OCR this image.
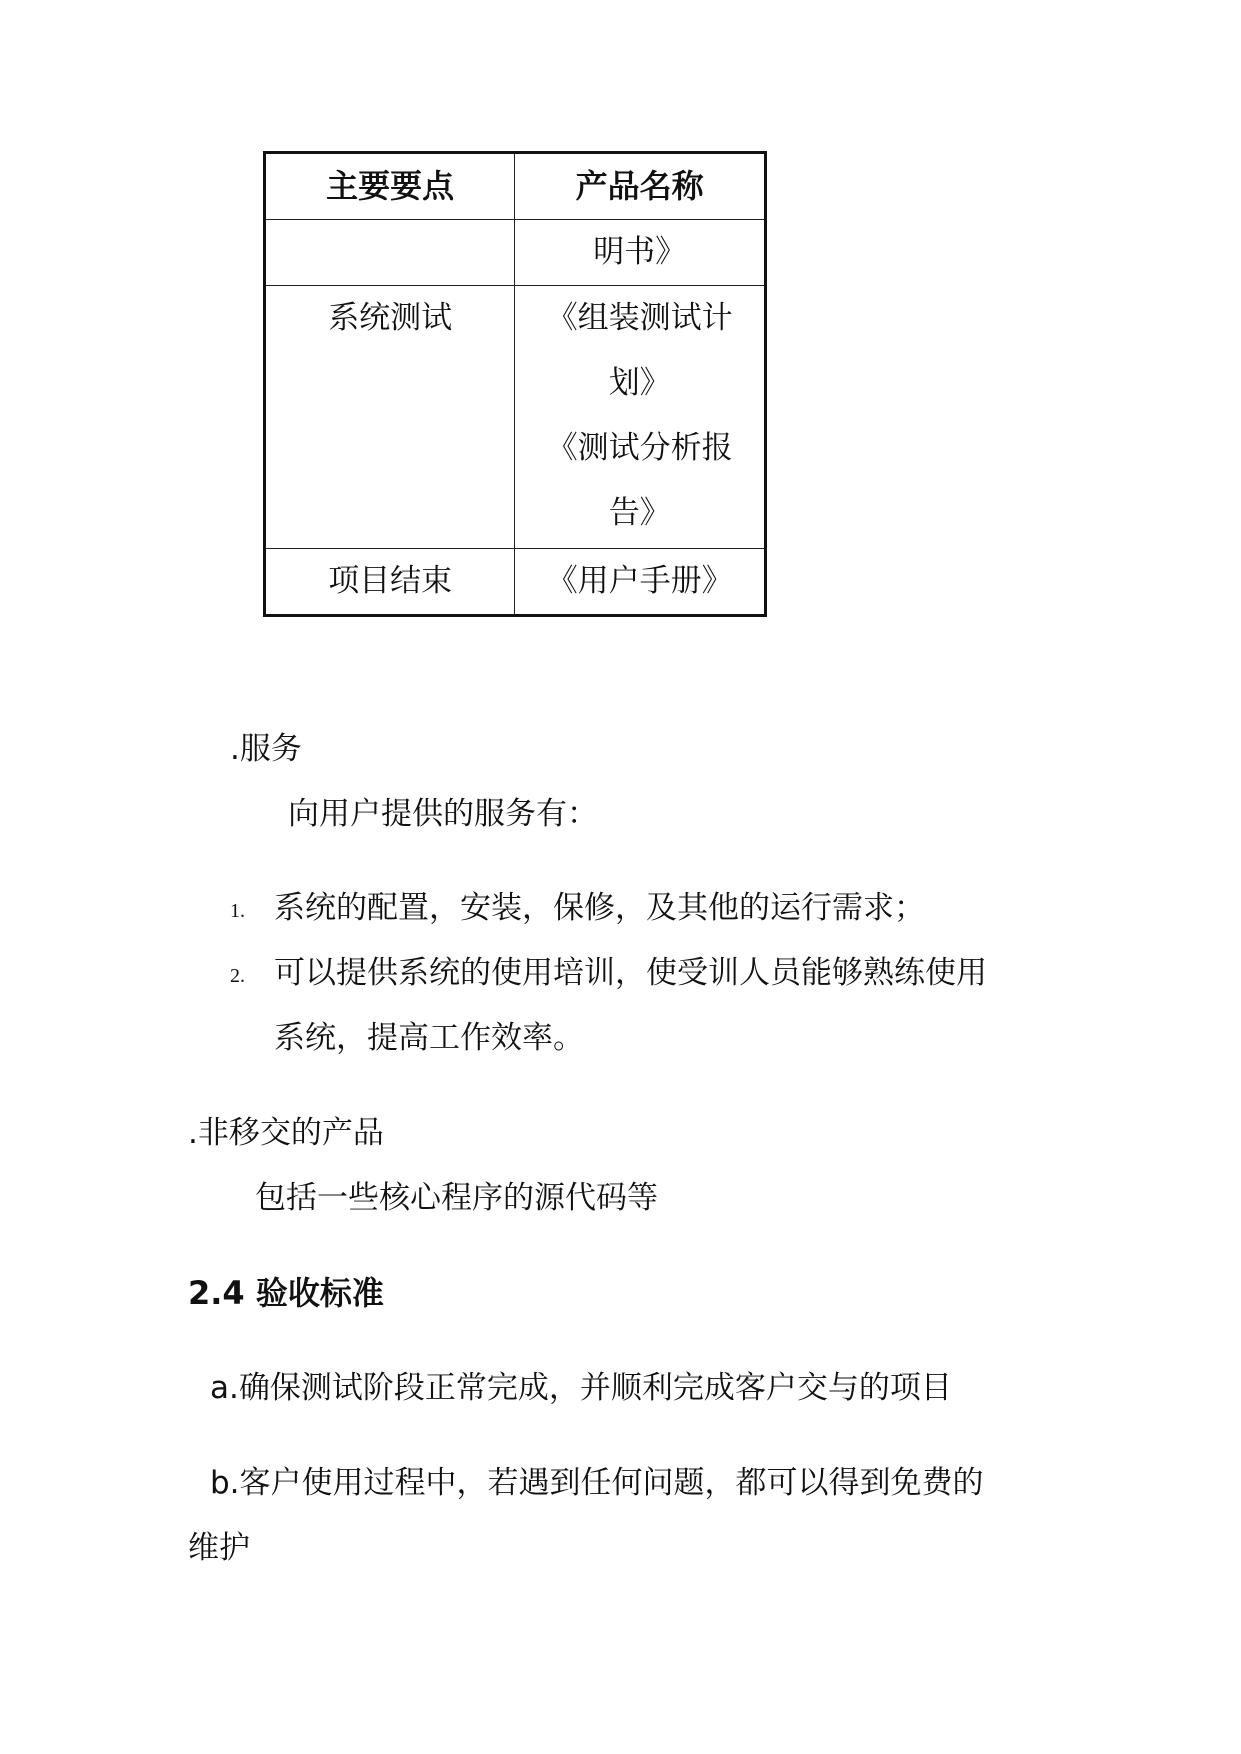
主要要点	产品名称

	明书》

系统测试	《组装测试计
划》
《测试分析报
告》

项目结束	《用户手册》
.服务
向用户提供的服务有：
1. 系统的配置，安装，保修，及其他的运行需求；
2. 可以提供系统的使用培训，使受训人员能够熟练使用
系统，提高工作效率。
.非移交的产品
包括一些核心程序的源代码等
2.4 验收标准
a.确保测试阶段正常完成，并顺利完成客户交与的项目
b.客户使用过程中，若遇到任何问题，都可以得到免费的
维护
